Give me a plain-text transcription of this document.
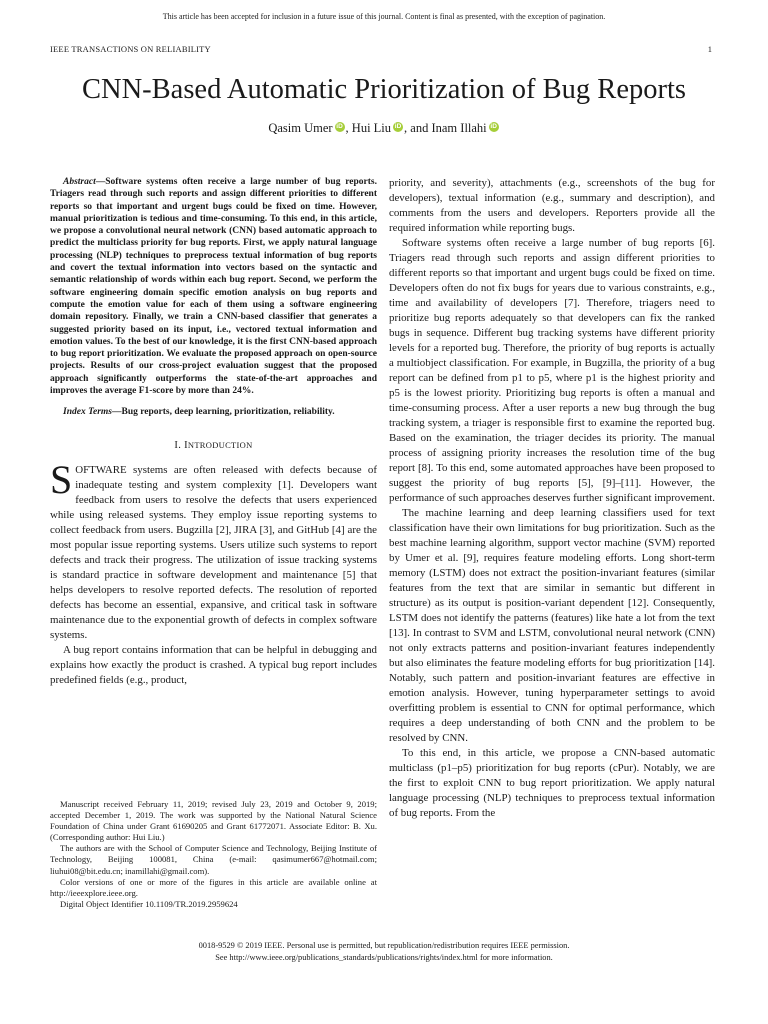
This article has been accepted for inclusion in a future issue of this journal. Content is final as presented, with the exception of pagination.
IEEE TRANSACTIONS ON RELIABILITY	1
CNN-Based Automatic Prioritization of Bug Reports
Qasim Umer iD , Hui Liu iD , and Inam Illahi iD

Abstract—Software systems often receive a large number of bug reports. Triagers read through such reports and assign different priorities to different reports so that important and urgent bugs could be fixed on time. However, manual prioritization is tedious and time-consuming. To this end, in this article, we propose a convolutional neural network (CNN) based automatic approach to predict the multiclass priority for bug reports. First, we apply natural language processing (NLP) techniques to preprocess textual information of bug reports and covert the textual information into vectors based on the syntactic and semantic relationship of words within each bug report. Second, we perform the software engineering domain specific emotion analysis on bug reports and compute the emotion value for each of them using a software engineering domain repository. Finally, we train a CNN-based classifier that generates a suggested priority based on its input, i.e., vectored textual information and emotion values. To the best of our knowledge, it is the first CNN-based approach to bug report prioritization. We evaluate the proposed approach on open-source projects. Results of our cross-project evaluation suggest that the proposed approach significantly outperforms the state-of-the-art approaches and improves the average F1-score by more than 24%.

Index Terms—Bug reports, deep learning, prioritization, reliability.

I. INTRODUCTION

SOFTWARE systems are often released with defects because of inadequate testing and system complexity [1]. Developers want feedback from users to resolve the defects that users experienced while using released systems. They employ issue reporting systems to collect feedback from users. Bugzilla [2], JIRA [3], and GitHub [4] are the most popular issue reporting systems. Users utilize such systems to report defects and track their progress. The utilization of issue tracking systems is standard practice in software development and maintenance [5] that helps developers to resolve reported defects. The resolution of reported defects has become an essential, expansive, and critical task in software maintenance due to the exponential growth of defects in complex software systems.

A bug report contains information that can be helpful in debugging and explains how exactly the product is crashed. A typical bug report includes predefined fields (e.g., product,

Manuscript received February 11, 2019; revised July 23, 2019 and October 9, 2019; accepted December 1, 2019. The work was supported by the National Natural Science Foundation of China under Grant 61690205 and Grant 61772071. Associate Editor: B. Xu. (Corresponding author: Hui Liu.)

The authors are with the School of Computer Science and Technology, Beijing Institute of Technology, Beijing 100081, China (e-mail: qasimumer667@hotmail.com; liuhui08@bit.edu.cn; inamillahi@gmail.com).

Color versions of one or more of the figures in this article are available online at http://ieeexplore.ieee.org.

Digital Object Identifier 10.1109/TR.2019.2959624

priority, and severity), attachments (e.g., screenshots of the bug for developers), textual information (e.g., summary and description), and comments from the users and developers. Reporters provide all the required information while reporting bugs.

Software systems often receive a large number of bug reports [6]. Triagers read through such reports and assign different priorities to different reports so that important and urgent bugs could be fixed on time. Developers often do not fix bugs for years due to various constraints, e.g., time and availability of developers [7]. Therefore, triagers need to prioritize bug reports adequately so that developers can fix the ranked bugs in sequence. Different bug tracking systems have different priority levels for a reported bug. Therefore, the priority of bug reports is actually a multiobject classification. For example, in Bugzilla, the priority of a bug report can be defined from p1 to p5, where p1 is the highest priority and p5 is the lowest priority. Prioritizing bug reports is often a manual and time-consuming process. After a user reports a new bug through the bug tracking system, a triager is responsible first to examine the reported bug. Based on the examination, the triager decides its priority. The manual process of assigning priority increases the resolution time of the bug report [8]. To this end, some automated approaches have been proposed to suggest the priority of bug reports [5], [9]–[11]. However, the performance of such approaches deserves further significant improvement.

The machine learning and deep learning classifiers used for text classification have their own limitations for bug prioritization. Such as the best machine learning algorithm, support vector machine (SVM) reported by Umer et al. [9], requires feature modeling efforts. Long short-term memory (LSTM) does not extract the position-invariant features (similar features from the text that are similar in semantic but different in structure) as its output is position-variant dependent [12]. Consequently, LSTM does not identify the patterns (features) like hate a lot from the text [13]. In contrast to SVM and LSTM, convolutional neural network (CNN) not only extracts patterns and position-invariant features independently but also eliminates the feature modeling efforts for bug prioritization [14]. Notably, such pattern and position-invariant features are effective in emotion analysis. However, tuning hyperparameter settings to avoid overfitting problem is essential to CNN for optimal performance, which requires a deep understanding of both CNN and the problem to be resolved by CNN.

To this end, in this article, we propose a CNN-based automatic multiclass (p1–p5) prioritization for bug reports (cPur). Notably, we are the first to exploit CNN to bug report prioritization. We apply natural language processing (NLP) techniques to preprocess textual information of bug reports. From the

0018-9529 © 2019 IEEE. Personal use is permitted, but republication/redistribution requires IEEE permission.
See http://www.ieee.org/publications_standards/publications/rights/index.html for more information.
